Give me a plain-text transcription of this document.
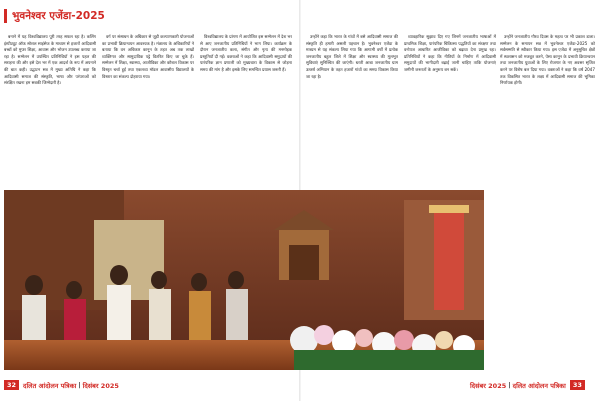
भुवनेश्वर एजेंडा-2025

बनाने में यह विश्वविद्यालय पूरी तरह सफल रहा है। कलिंग इंस्टीट्यूट ऑफ सोशल साइंसेज के माध्यम से हजारों आदिवासी बच्चों को मुफ्त शिक्षा, आवास और भोजन उपलब्ध कराया जा रहा है। सम्मेलन में उपस्थित प्रतिनिधियों ने इस पहल की सराहना की और इसे देश भर में एक आदर्श के रूप में अपनाने की बात कही। उद्घाटन सत्र में मुख्य अतिथि ने कहा कि आदिवासी समाज की संस्कृति, भाषा और परंपराओं को संरक्षित रखना हम सबकी जिम्मेदारी है।

वर्ग पर संसाधन के अधिकार से जुड़ी कल्याणकारी योजनाओं का प्रभावी क्रियान्वयन आवश्यक है। मंत्रालय के अधिकारियों ने बताया कि वन अधिकार कानून के तहत अब तक लाखों व्यक्तिगत और सामुदायिक पट्टे वितरित किए जा चुके हैं। सम्मेलन में शिक्षा, स्वास्थ्य, आजीविका और कौशल विकास पर विस्तृत चर्चा हुई तथा एकलव्य मॉडल आवासीय विद्यालयों के विस्तार का संकल्प दोहराया गया।

विश्वविद्यालय के प्रांगण में आयोजित इस सम्मेलन में देश भर से आए जनजातीय प्रतिनिधियों ने भाग लिया। कार्यक्रम के दौरान जनजातीय कला, संगीत और नृत्य की मनमोहक प्रस्तुतियाँ दी गईं। वक्ताओं ने कहा कि आदिवासी समुदायों की पारंपरिक ज्ञान प्रणाली को मुख्यधारा के विकास से जोड़ना समय की मांग है और इसके लिए समन्वित प्रयास जरूरी हैं।

उन्होंने कहा कि भारत के गांवों में बसे आदिवासी समाज की संस्कृति ही हमारी असली पहचान है। भुवनेश्वर एजेंडा के माध्यम से यह संकल्प लिया गया कि आगामी वर्षों में प्रत्येक जनजातीय बहुल जिले में शिक्षा और स्वास्थ्य की मूलभूत सुविधाएं सुनिश्चित की जाएंगी। धरती आबा जनजातीय ग्राम उत्कर्ष अभियान के तहत हजारों गांवों का समग्र विकास किया जा रहा है।

व्यावहारिक सुझाव दिए गए जिनमें जनजातीय भाषाओं में प्राथमिक शिक्षा, पारंपरिक चिकित्सा पद्धतियों का संरक्षण तथा वनोपज आधारित आजीविका को बढ़ावा देना प्रमुख रहा। प्रतिनिधियों ने कहा कि नीतियों के निर्माण में आदिवासी समुदायों की भागीदारी बढ़ाई जानी चाहिए ताकि योजनाएं जमीनी जरूरतों के अनुरूप बन सकें।

उन्होंने जनजातीय गौरव दिवस के महत्व पर भी प्रकाश डाला। सम्मेलन के समापन सत्र में भुवनेश्वर एजेंडा-2025 को सर्वसम्मति से स्वीकार किया गया। इस एजेंडा में अनुसूचित क्षेत्रों में स्वशासन को मजबूत करने, पेसा कानून के प्रभावी क्रियान्वयन तथा जनजातीय युवाओं के लिए रोजगार के नए अवसर सृजित करने पर विशेष बल दिया गया। वक्ताओं ने कहा कि वर्ष 2047 तक विकसित भारत के लक्ष्य में आदिवासी समाज की भूमिका निर्णायक होगी।

32	दलित आंदोलन पत्रिका | दिसंबर 2025	दिसंबर 2025 | दलित आंदोलन पत्रिका	33
